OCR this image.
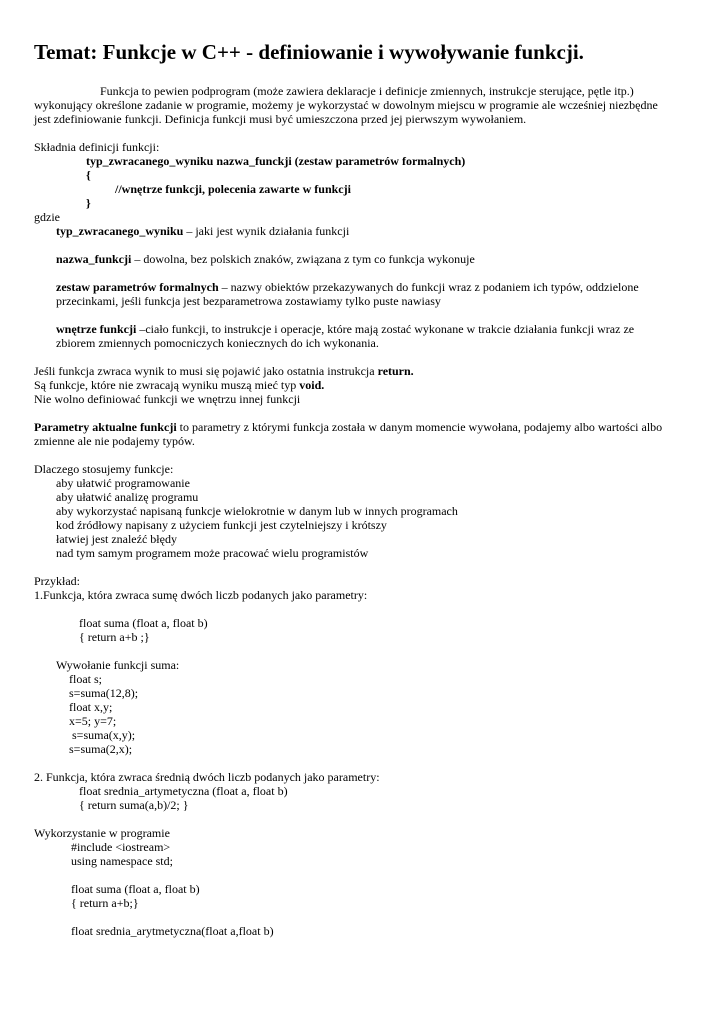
Temat: Funkcje w C++ - definiowanie i wywoływanie funkcji.
Funkcja to pewien podprogram (może zawiera deklaracje i definicje zmiennych, instrukcje sterujące, pętle itp.)
wykonujący określone zadanie w programie, możemy je wykorzystać w dowolnym miejscu w programie ale wcześniej niezbędne
jest zdefiniowanie funkcji. Definicja funkcji musi być umieszczona przed jej pierwszym wywołaniem.
Składnia definicji funkcji:
typ_zwracanego_wyniku nazwa_funckji (zestaw parametrów formalnych)
{
//wnętrze funkcji, polecenia zawarte w funkcji
}
gdzie
typ_zwracanego_wyniku – jaki jest wynik działania funkcji
nazwa_funkcji – dowolna, bez polskich znaków, związana z tym co funkcja wykonuje
zestaw parametrów formalnych – nazwy obiektów przekazywanych do funkcji wraz z podaniem ich typów, oddzielone
przecinkami, jeśli funkcja jest bezparametrowa zostawiamy tylko puste nawiasy
wnętrze funkcji –ciało funkcji, to instrukcje i operacje, które mają zostać wykonane w trakcie działania funkcji wraz ze
zbiorem zmiennych pomocniczych koniecznych do ich wykonania.
Jeśli funkcja zwraca wynik to musi się pojawić jako ostatnia instrukcja return.
Są funkcje, które nie zwracają wyniku muszą mieć typ void.
Nie wolno definiować funkcji we wnętrzu innej funkcji
Parametry aktualne funkcji to parametry z którymi funkcja została w danym momencie wywołana, podajemy albo wartości albo
zmienne ale nie podajemy typów.
Dlaczego stosujemy funkcje:
aby ułatwić programowanie
aby ułatwić analizę programu
aby wykorzystać napisaną funkcje wielokrotnie w danym lub w innych programach
kod źródłowy napisany z użyciem funkcji jest czytelniejszy i krótszy
łatwiej jest znaleźć błędy
nad tym samym programem może pracować wielu programistów
Przykład:
1.Funkcja, która zwraca sumę dwóch liczb podanych jako parametry:
float suma (float a, float b)
{ return a+b ;}
Wywołanie funkcji suma:
float s;
s=suma(12,8);
float x,y;
x=5; y=7;
s=suma(x,y);
s=suma(2,x);
2. Funkcja, która zwraca średnią dwóch liczb podanych jako parametry:
float srednia_artymetyczna (float a, float b)
{ return suma(a,b)/2; }
Wykorzystanie w programie
#include <iostream>
using namespace std;
float suma (float a, float b)
{ return a+b;}
float srednia_arytmetyczna(float a,float b)
